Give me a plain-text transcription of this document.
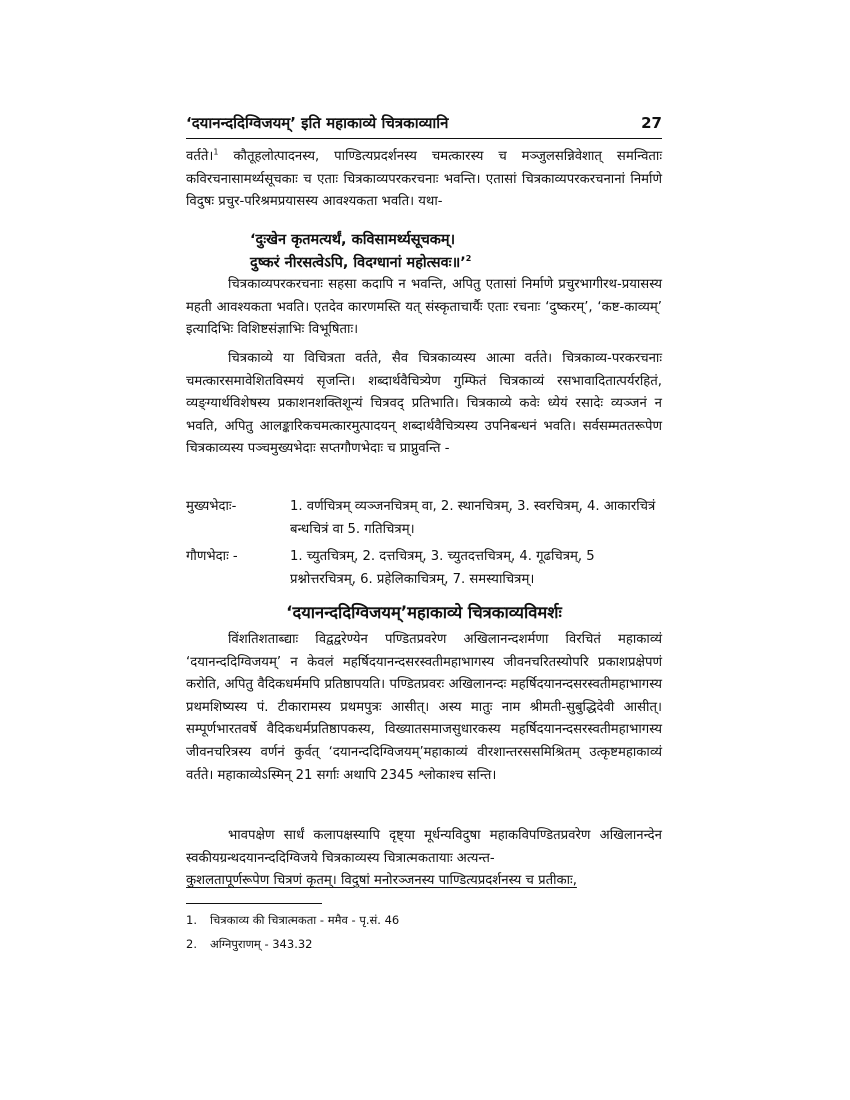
‘दयानन्ददिग्विजयम्’ इति महाकाव्ये चित्रकाव्यानि	27

वर्तते।$^1$ कौतूहलोत्पादनस्य, पाण्डित्यप्रदर्शनस्य चमत्कारस्य च मञ्जुलसन्निवेशात् समन्विताः कविरचनासामर्थ्यसूचकाः च एताः चित्रकाव्यपरकरचनाः भवन्ति। एतासां चित्रकाव्यपरकरचनानां निर्माणे विदुषः प्रचुर-परिश्रमप्रयासस्य आवश्यकता भवति। यथा-

‘दुःखेन कृतमत्यर्थं, कविसामर्थ्यसूचकम्।
दुष्करं नीरसत्वेऽपि, विदग्धानां महोत्सवः॥’$^2$

चित्रकाव्यपरकरचनाः सहसा कदापि न भवन्ति, अपितु एतासां निर्माणे प्रचुरभागीरथ-प्रयासस्य महती आवश्यकता भवति। एतदेव कारणमस्ति यत् संस्कृताचार्यैः एताः रचनाः ‘दुष्करम्’, ‘कष्ट-काव्यम्’ इत्यादिभिः विशिष्टसंज्ञाभिः विभूषिताः।

चित्रकाव्ये या विचित्रता वर्तते, सैव चित्रकाव्यस्य आत्मा वर्तते। चित्रकाव्य-परकरचनाः चमत्कारसमावेशितविस्मयं सृजन्ति। शब्दार्थवैचित्र्येण गुम्फितं चित्रकाव्यं रसभावादितात्पर्यरहितं, व्यङ्ग्यार्थविशेषस्य प्रकाशनशक्तिशून्यं चित्रवद् प्रतिभाति। चित्रकाव्ये कवेः ध्येयं रसादेः व्यञ्जनं न भवति, अपितु आलङ्कारिकचमत्कारमुत्पादयन् शब्दार्थवैचित्र्यस्य उपनिबन्धनं भवति। सर्वसम्मततरूपेण चित्रकाव्यस्य पञ्चमुख्यभेदाः सप्तगौणभेदाः च प्राप्नुवन्ति -

मुख्यभेदाः-	1. वर्णचित्रम् व्यञ्जनचित्रम् वा, 2. स्थानचित्रम्, 3. स्वरचित्रम्, 4. आकारचित्रं बन्धचित्रं वा 5. गतिचित्रम्।
गौणभेदाः -	1. च्युतचित्रम्, 2. दत्तचित्रम्, 3. च्युतदत्तचित्रम्, 4. गूढचित्रम्, 5 प्रश्नोत्तरचित्रम्, 6. प्रहेलिकाचित्रम्, 7. समस्याचित्रम्।
‘दयानन्ददिग्विजयम्’महाकाव्ये चित्रकाव्यविमर्शः

विंशतिशताब्द्याः विद्वद्वरेण्येन पण्डितप्रवरेण अखिलानन्दशर्मणा विरचितं महाकाव्यं ‘दयानन्ददिग्विजयम्’ न केवलं महर्षिदयानन्दसरस्वतीमहाभागस्य जीवनचरितस्योपरि प्रकाशप्रक्षेपणं करोति, अपितु वैदिकधर्ममपि प्रतिष्ठापयति। पण्डितप्रवरः अखिलानन्दः महर्षिदयानन्दसरस्वतीमहाभागस्य प्रथमशिष्यस्य पं. टीकारामस्य प्रथमपुत्रः आसीत्। अस्य मातुः नाम श्रीमती-सुबुद्धिदेवी आसीत्। सम्पूर्णभारतवर्षे वैदिकधर्मप्रतिष्ठापकस्य, विख्यातसमाजसुधारकस्य महर्षिदयानन्दसरस्वतीमहाभागस्य जीवनचरित्रस्य वर्णनं कुर्वत् ‘दयानन्ददिग्विजयम्’महाकाव्यं वीरशान्तरससमिश्रितम् उत्कृष्टमहाकाव्यं वर्तते। महाकाव्येऽस्मिन् 21 सर्गाः अथापि 2345 श्लोकाश्च सन्ति।

भावपक्षेण सार्धं कलापक्षस्यापि दृष्ट्या मूर्धन्यविदुषा महाकविपण्डितप्रवरेण अखिलानन्देन स्वकीयग्रन्थदयानन्ददिग्विजये चित्रकाव्यस्य चित्रात्मकतायाः अत्यन्त-

कुशलतापूर्णरूपेण चित्रणं कृतम्। विदुषां मनोरञ्जनस्य पाण्डित्यप्रदर्शनस्य च प्रतीकाः,

1.	चित्रकाव्य की चित्रात्मकता - ममैव - पृ.सं. 46
2.	अग्निपुराणम् - 343.32
